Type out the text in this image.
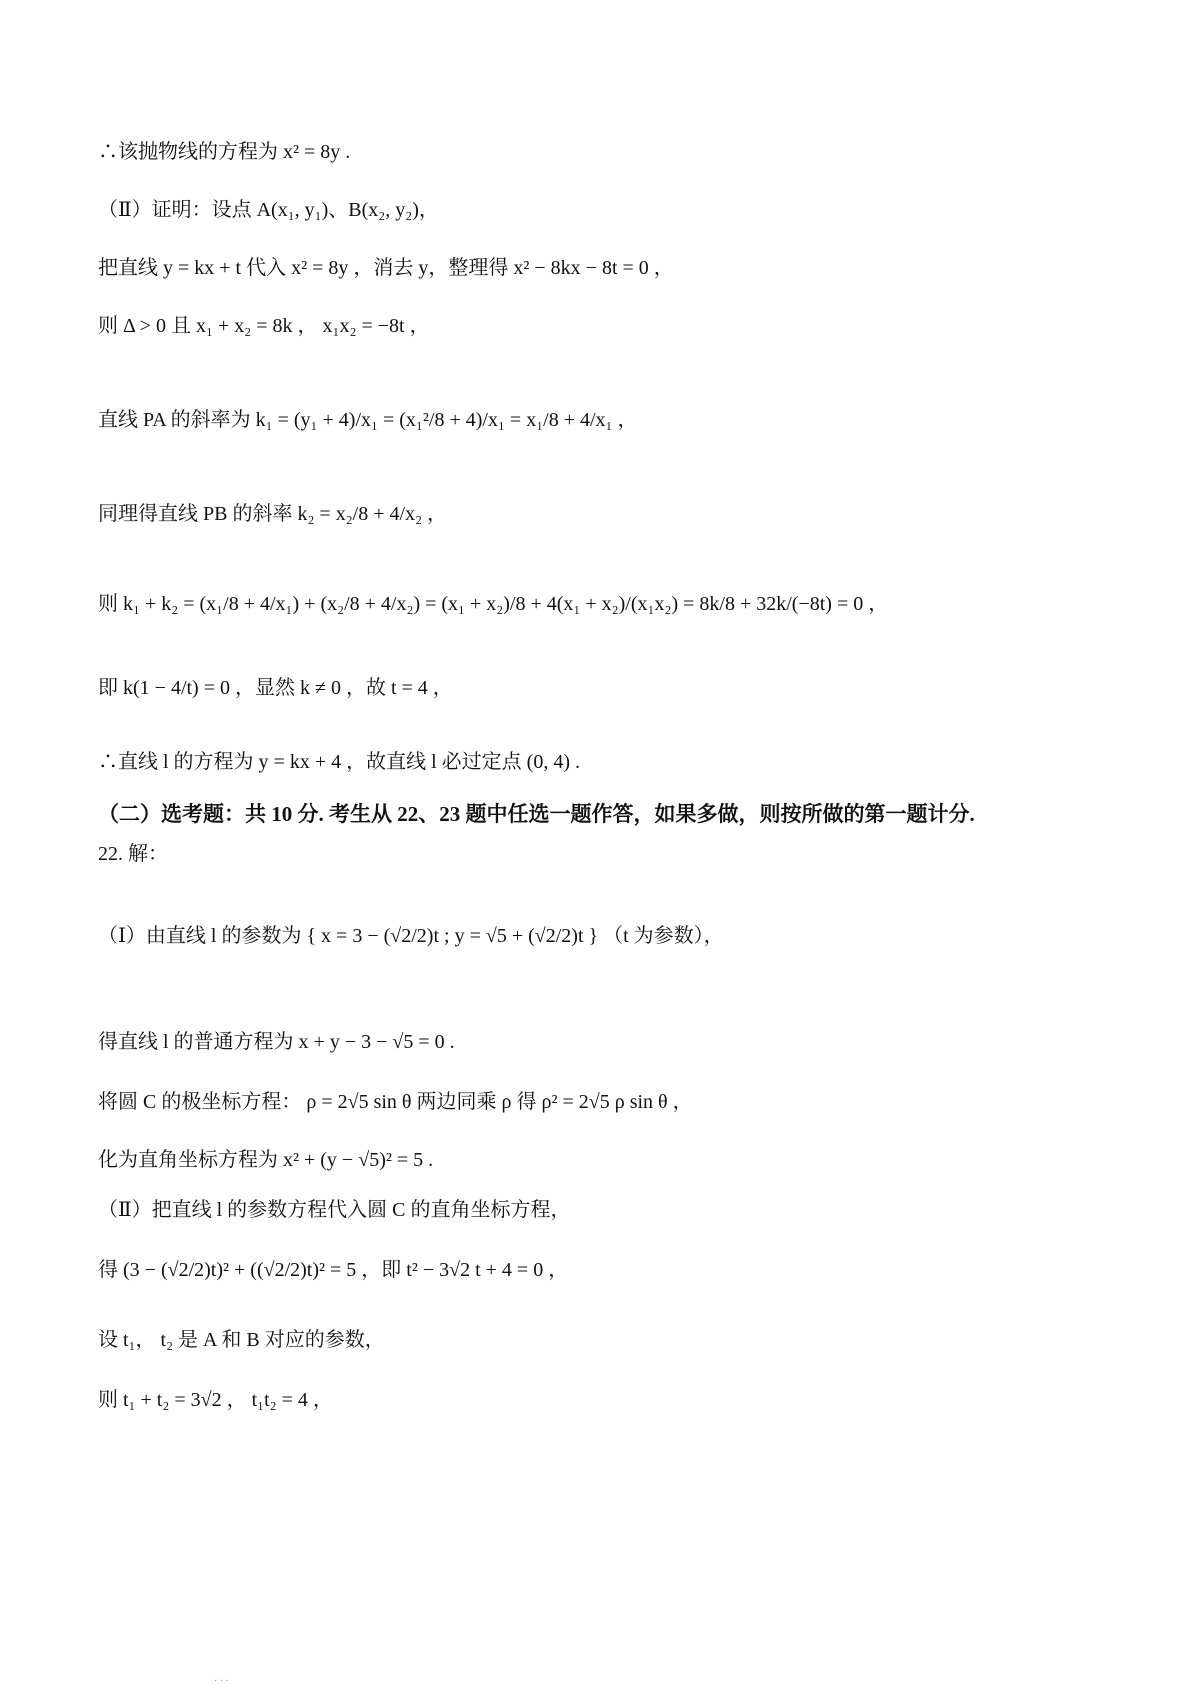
∴该抛物线的方程为 x² = 8y .
（Ⅱ）证明：设点 A(x₁, y₁)、B(x₂, y₂)，
把直线 y = kx + t 代入 x² = 8y ，消去 y，整理得 x² − 8kx − 8t = 0 ，
则 Δ > 0 且 x₁ + x₂ = 8k ， x₁x₂ = −8t ，
直线 PA 的斜率为 k₁ = (y₁ + 4)/x₁ = (x₁²/8 + 4)/x₁ = x₁/8 + 4/x₁ ，
同理得直线 PB 的斜率 k₂ = x₂/8 + 4/x₂ ，
则 k₁ + k₂ = (x₁/8 + 4/x₁) + (x₂/8 + 4/x₂) = (x₁ + x₂)/8 + 4(x₁ + x₂)/(x₁x₂) = 8k/8 + 32k/(−8t) = 0 ，
即 k(1 − 4/t) = 0 ，显然 k ≠ 0 ，故 t = 4 ，
∴直线 l 的方程为 y = kx + 4 ，故直线 l 必过定点 (0, 4) .
（二）选考题：共 10 分. 考生从 22、23 题中任选一题作答，如果多做，则按所做的第一题计分.
22. 解：
（Ⅰ）由直线 l 的参数为 { x = 3 − (√2/2)t ; y = √5 + (√2/2)t } （t 为参数），
得直线 l 的普通方程为 x + y − 3 − √5 = 0 .
将圆 C 的极坐标方程： ρ = 2√5 sin θ 两边同乘 ρ 得 ρ² = 2√5 ρ sin θ ，
化为直角坐标方程为 x² + (y − √5)² = 5 .
（Ⅱ）把直线 l 的参数方程代入圆 C 的直角坐标方程，
得 (3 − (√2/2)t)² + ((√2/2)t)² = 5 ，即 t² − 3√2 t + 4 = 0 ，
设 t₁， t₂ 是 A 和 B 对应的参数，
则 t₁ + t₂ = 3√2 ， t₁t₂ = 4 ，
· · ·
